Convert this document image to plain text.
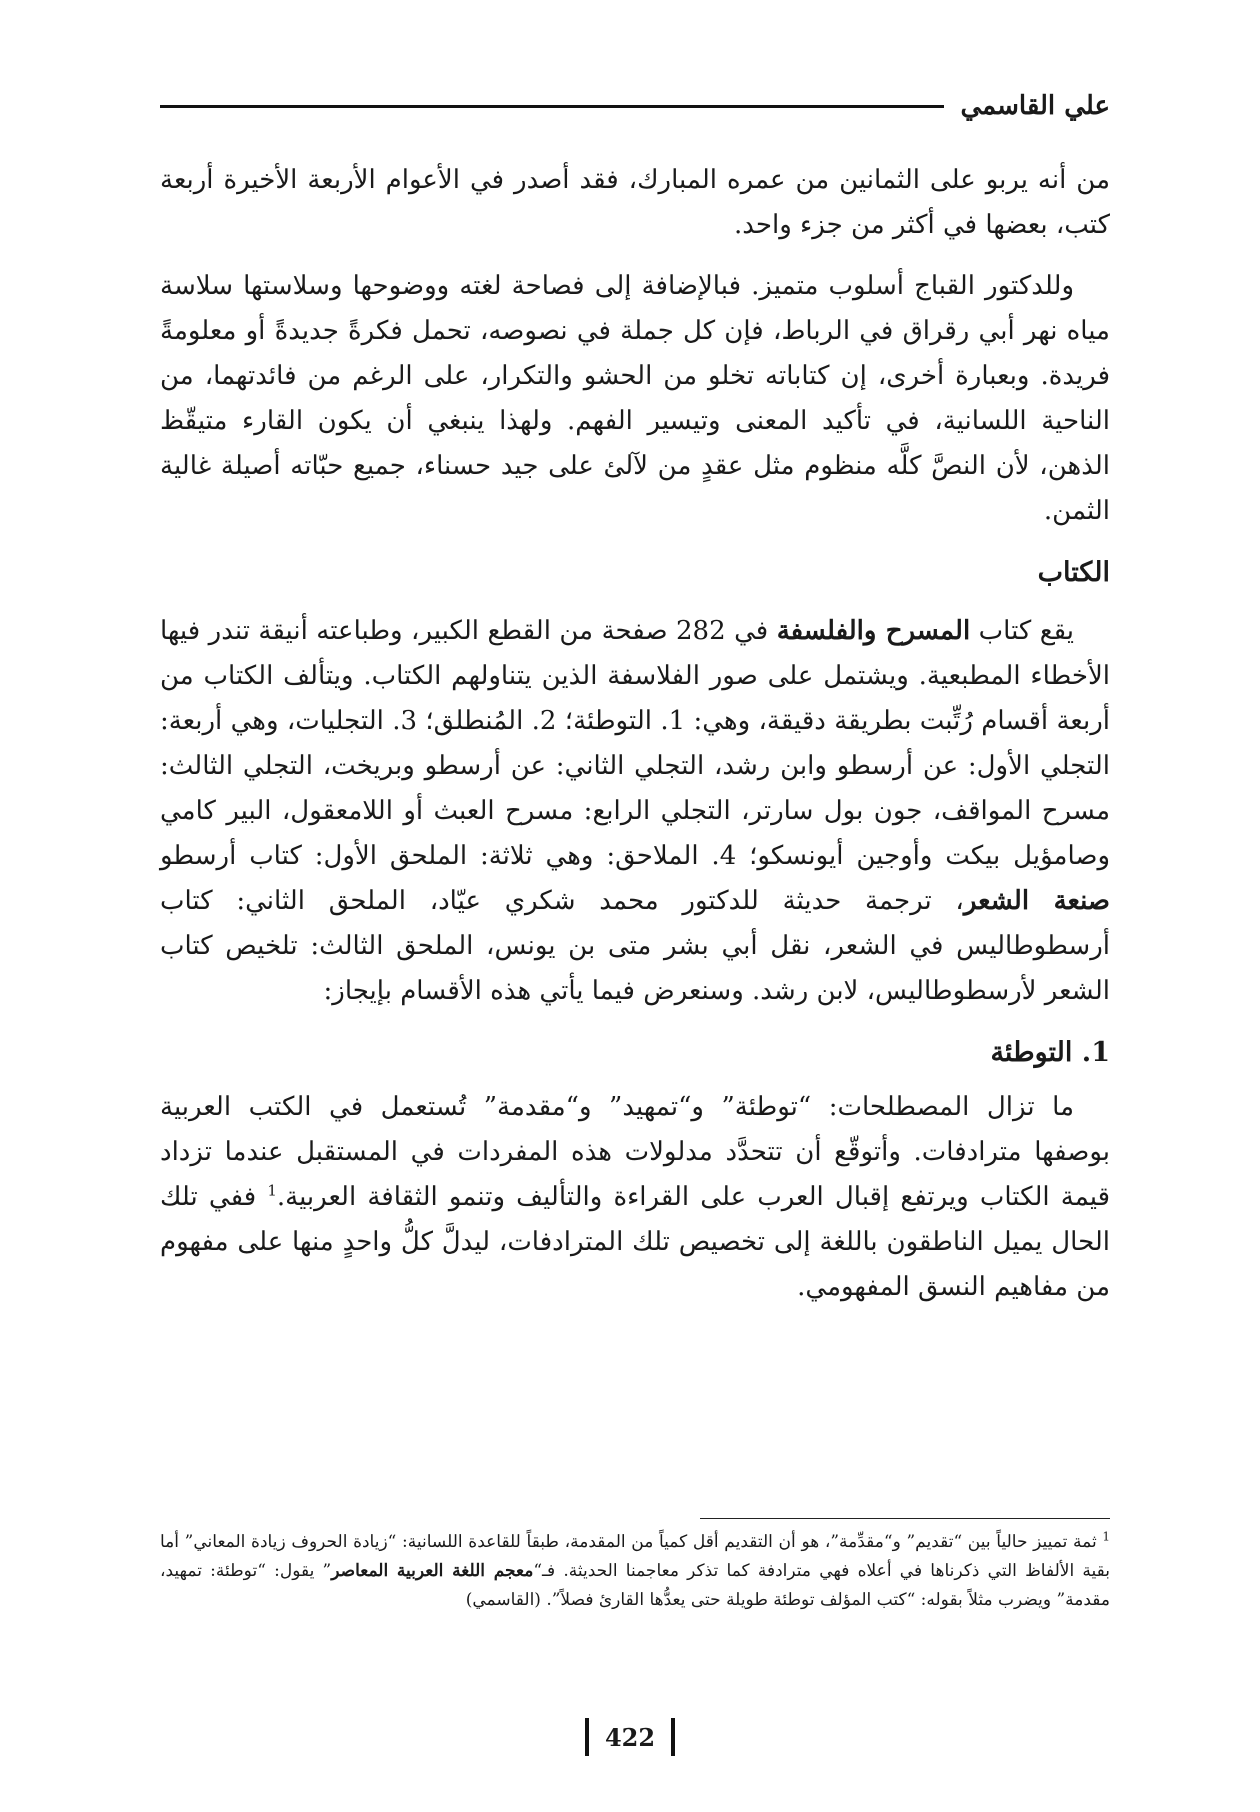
علي القاسمي

من أنه يربو على الثمانين من عمره المبارك، فقد أصدر في الأعوام الأربعة الأخيرة أربعة كتب، بعضها في أكثر من جزء واحد.

وللدكتور القباج أسلوب متميز. فبالإضافة إلى فصاحة لغته ووضوحها وسلاستها سلاسة مياه نهر أبي رقراق في الرباط، فإن كل جملة في نصوصه، تحمل فكرةً جديدةً أو معلومةً فريدة. وبعبارة أخرى، إن كتاباته تخلو من الحشو والتكرار، على الرغم من فائدتهما، من الناحية اللسانية، في تأكيد المعنى وتيسير الفهم. ولهذا ينبغي أن يكون القارء متيقّظ الذهن، لأن النصَّ كلَّه منظوم مثل عقدٍ من لآلئ على جيد حسناء، جميع حبّاته أصيلة غالية الثمن.

الكتاب

يقع كتاب المسرح والفلسفة في 282 صفحة من القطع الكبير، وطباعته أنيقة تندر فيها الأخطاء المطبعية. ويشتمل على صور الفلاسفة الذين يتناولهم الكتاب. ويتألف الكتاب من أربعة أقسام رُتِّبت بطريقة دقيقة، وهي: 1. التوطئة؛ 2. المُنطلق؛ 3. التجليات، وهي أربعة: التجلي الأول: عن أرسطو وابن رشد، التجلي الثاني: عن أرسطو وبريخت، التجلي الثالث: مسرح المواقف، جون بول سارتر، التجلي الرابع: مسرح العبث أو اللامعقول، البير كامي وصامؤيل بيكت وأوجين أيونسكو؛ 4. الملاحق: وهي ثلاثة: الملحق الأول: كتاب أرسطو صنعة الشعر، ترجمة حديثة للدكتور محمد شكري عيّاد، الملحق الثاني: كتاب أرسطوطاليس في الشعر، نقل أبي بشر متى بن يونس، الملحق الثالث: تلخيص كتاب الشعر لأرسطوطاليس، لابن رشد. وسنعرض فيما يأتي هذه الأقسام بإيجاز:

1. التوطئة

ما تزال المصطلحات: “توطئة” و“تمهيد” و“مقدمة” تُستعمل في الكتب العربية بوصفها مترادفات. وأتوقّع أن تتحدَّد مدلولات هذه المفردات في المستقبل عندما تزداد قيمة الكتاب ويرتفع إقبال العرب على القراءة والتأليف وتنمو الثقافة العربية.$^1$ ففي تلك الحال يميل الناطقون باللغة إلى تخصيص تلك المترادفات، ليدلَّ كلُّ واحدٍ منها على مفهوم من مفاهيم النسق المفهومي.

$^1$ ثمة تمييز حالياً بين “تقديم” و“مقدِّمة”، هو أن التقديم أقل كمياً من المقدمة، طبقاً للقاعدة اللسانية: “زيادة الحروف زيادة المعاني” أما بقية الألفاظ التي ذكرناها في أعلاه فهي مترادفة كما تذكر معاجمنا الحديثة. فـ“معجم اللغة العربية المعاصر” يقول: “توطئة: تمهيد، مقدمة” ويضرب مثلاً بقوله: “كتب المؤلف توطئة طويلة حتى يعدُّها القارئ فصلاً”. (القاسمي)

422
